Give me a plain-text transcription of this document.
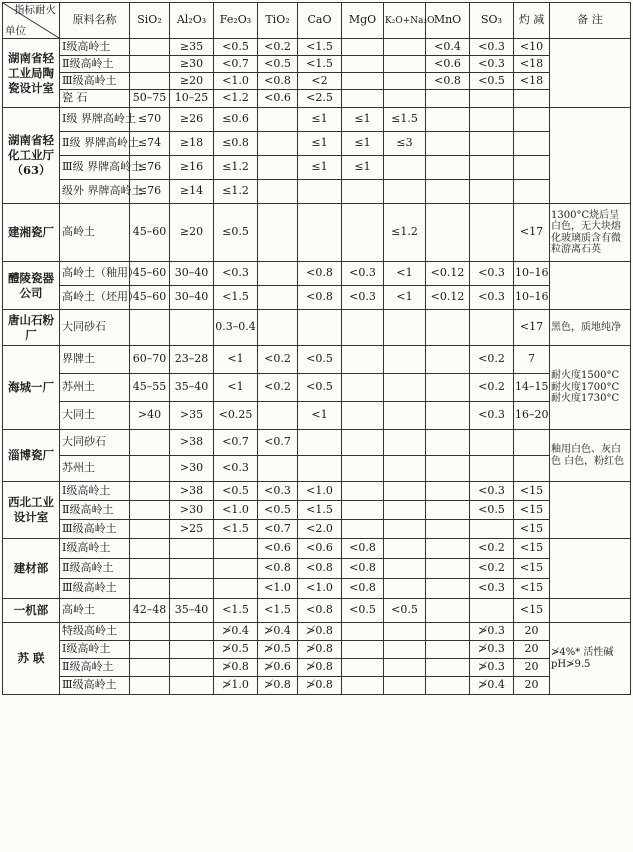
指标耐火
单位	原料名称	SiO₂	Al₂O₃	Fe₂O₃	TiO₂	CaO	MgO	K₂O+Na₂O	MnO	SO₃	灼 减	备 注
湖南省轻工业局陶瓷设计室	Ⅰ级高岭土		≥35	<0.5	<0.2	<1.5			<0.4	<0.3	<10	
	Ⅱ级高岭土		≥30	<0.7	<0.5	<1.5			<0.6	<0.3	<18	
	Ⅲ级高岭土		≥20	<1.0	<0.8	<2			<0.8	<0.5	<18	
	瓷 石	50–75	10–25	<1.2	<0.6	<2.5						
湖南省轻化工业厅（63）	Ⅰ级 界牌高岭土	≤70	≥26	≤0.6		≤1	≤1	≤1.5				
	Ⅱ级 界牌高岭土	≤74	≥18	≤0.8		≤1	≤1	≤3				
	Ⅲ级 界牌高岭土	≤76	≥16	≤1.2		≤1	≤1					
	级外 界牌高岭土	≤76	≥14	≤1.2								
建湘瓷厂	高岭土	45–60	≥20	≤0.5				≤1.2			<17	1300°C烧后呈白色，无大块熔化玻璃质含有微粒游离石英
醴陵瓷器公司	高岭土（釉用）	45–60	30–40	<0.3		<0.8	<0.3	<1	<0.12	<0.3	10–16	
	高岭土（坯用）	45–60	30–40	<1.5		<0.8	<0.3	<1	<0.12	<0.3	10–16	
唐山石粉厂	大同砂石			0.3–0.4							<17	黑色，质地纯净
海城一厂	界牌土	60–70	23–28	<1	<0.2	<0.5				<0.2	7	耐火度1500°C 耐火度1700°C 耐火度1730°C
	苏州土	45–55	35–40	<1	<0.2	<0.5				<0.2	14–15	
	大同土	>40	>35	<0.25		<1				<0.3	16–20	
淄博瓷厂	大同砂石		>38	<0.7	<0.7							釉用白色、灰白色 白色，粉红色
	苏州土		>30	<0.3								
西北工业设计室	Ⅰ级高岭土		>38	<0.5	<0.3	<1.0				<0.3	<15	
	Ⅱ级高岭土		>30	<1.0	<0.5	<1.5				<0.5	<15	
	Ⅲ级高岭土		>25	<1.5	<0.7	<2.0					<15	
建材部	Ⅰ级高岭土				<0.6	<0.6	<0.8			<0.2	<15	
	Ⅱ级高岭土				<0.8	<0.8	<0.8			<0.2	<15	
	Ⅲ级高岭土				<1.0	<1.0	<0.8			<0.3	<15	
一机部	高岭土	42–48	35–40	<1.5	<1.5	<0.8	<0.5	<0.5			<15	
苏 联	特级高岭土			≯0.4	≯0.4	≯0.8				≯0.3	20	≯4%* 活性碱 pH≯9.5
	Ⅰ级高岭土			≯0.5	≯0.5	≯0.8				≯0.3	20	
	Ⅱ级高岭土			≯0.8	≯0.6	≯0.8				≯0.3	20	
	Ⅲ级高岭土			≯1.0	≯0.8	≯0.8				≯0.4	20	
